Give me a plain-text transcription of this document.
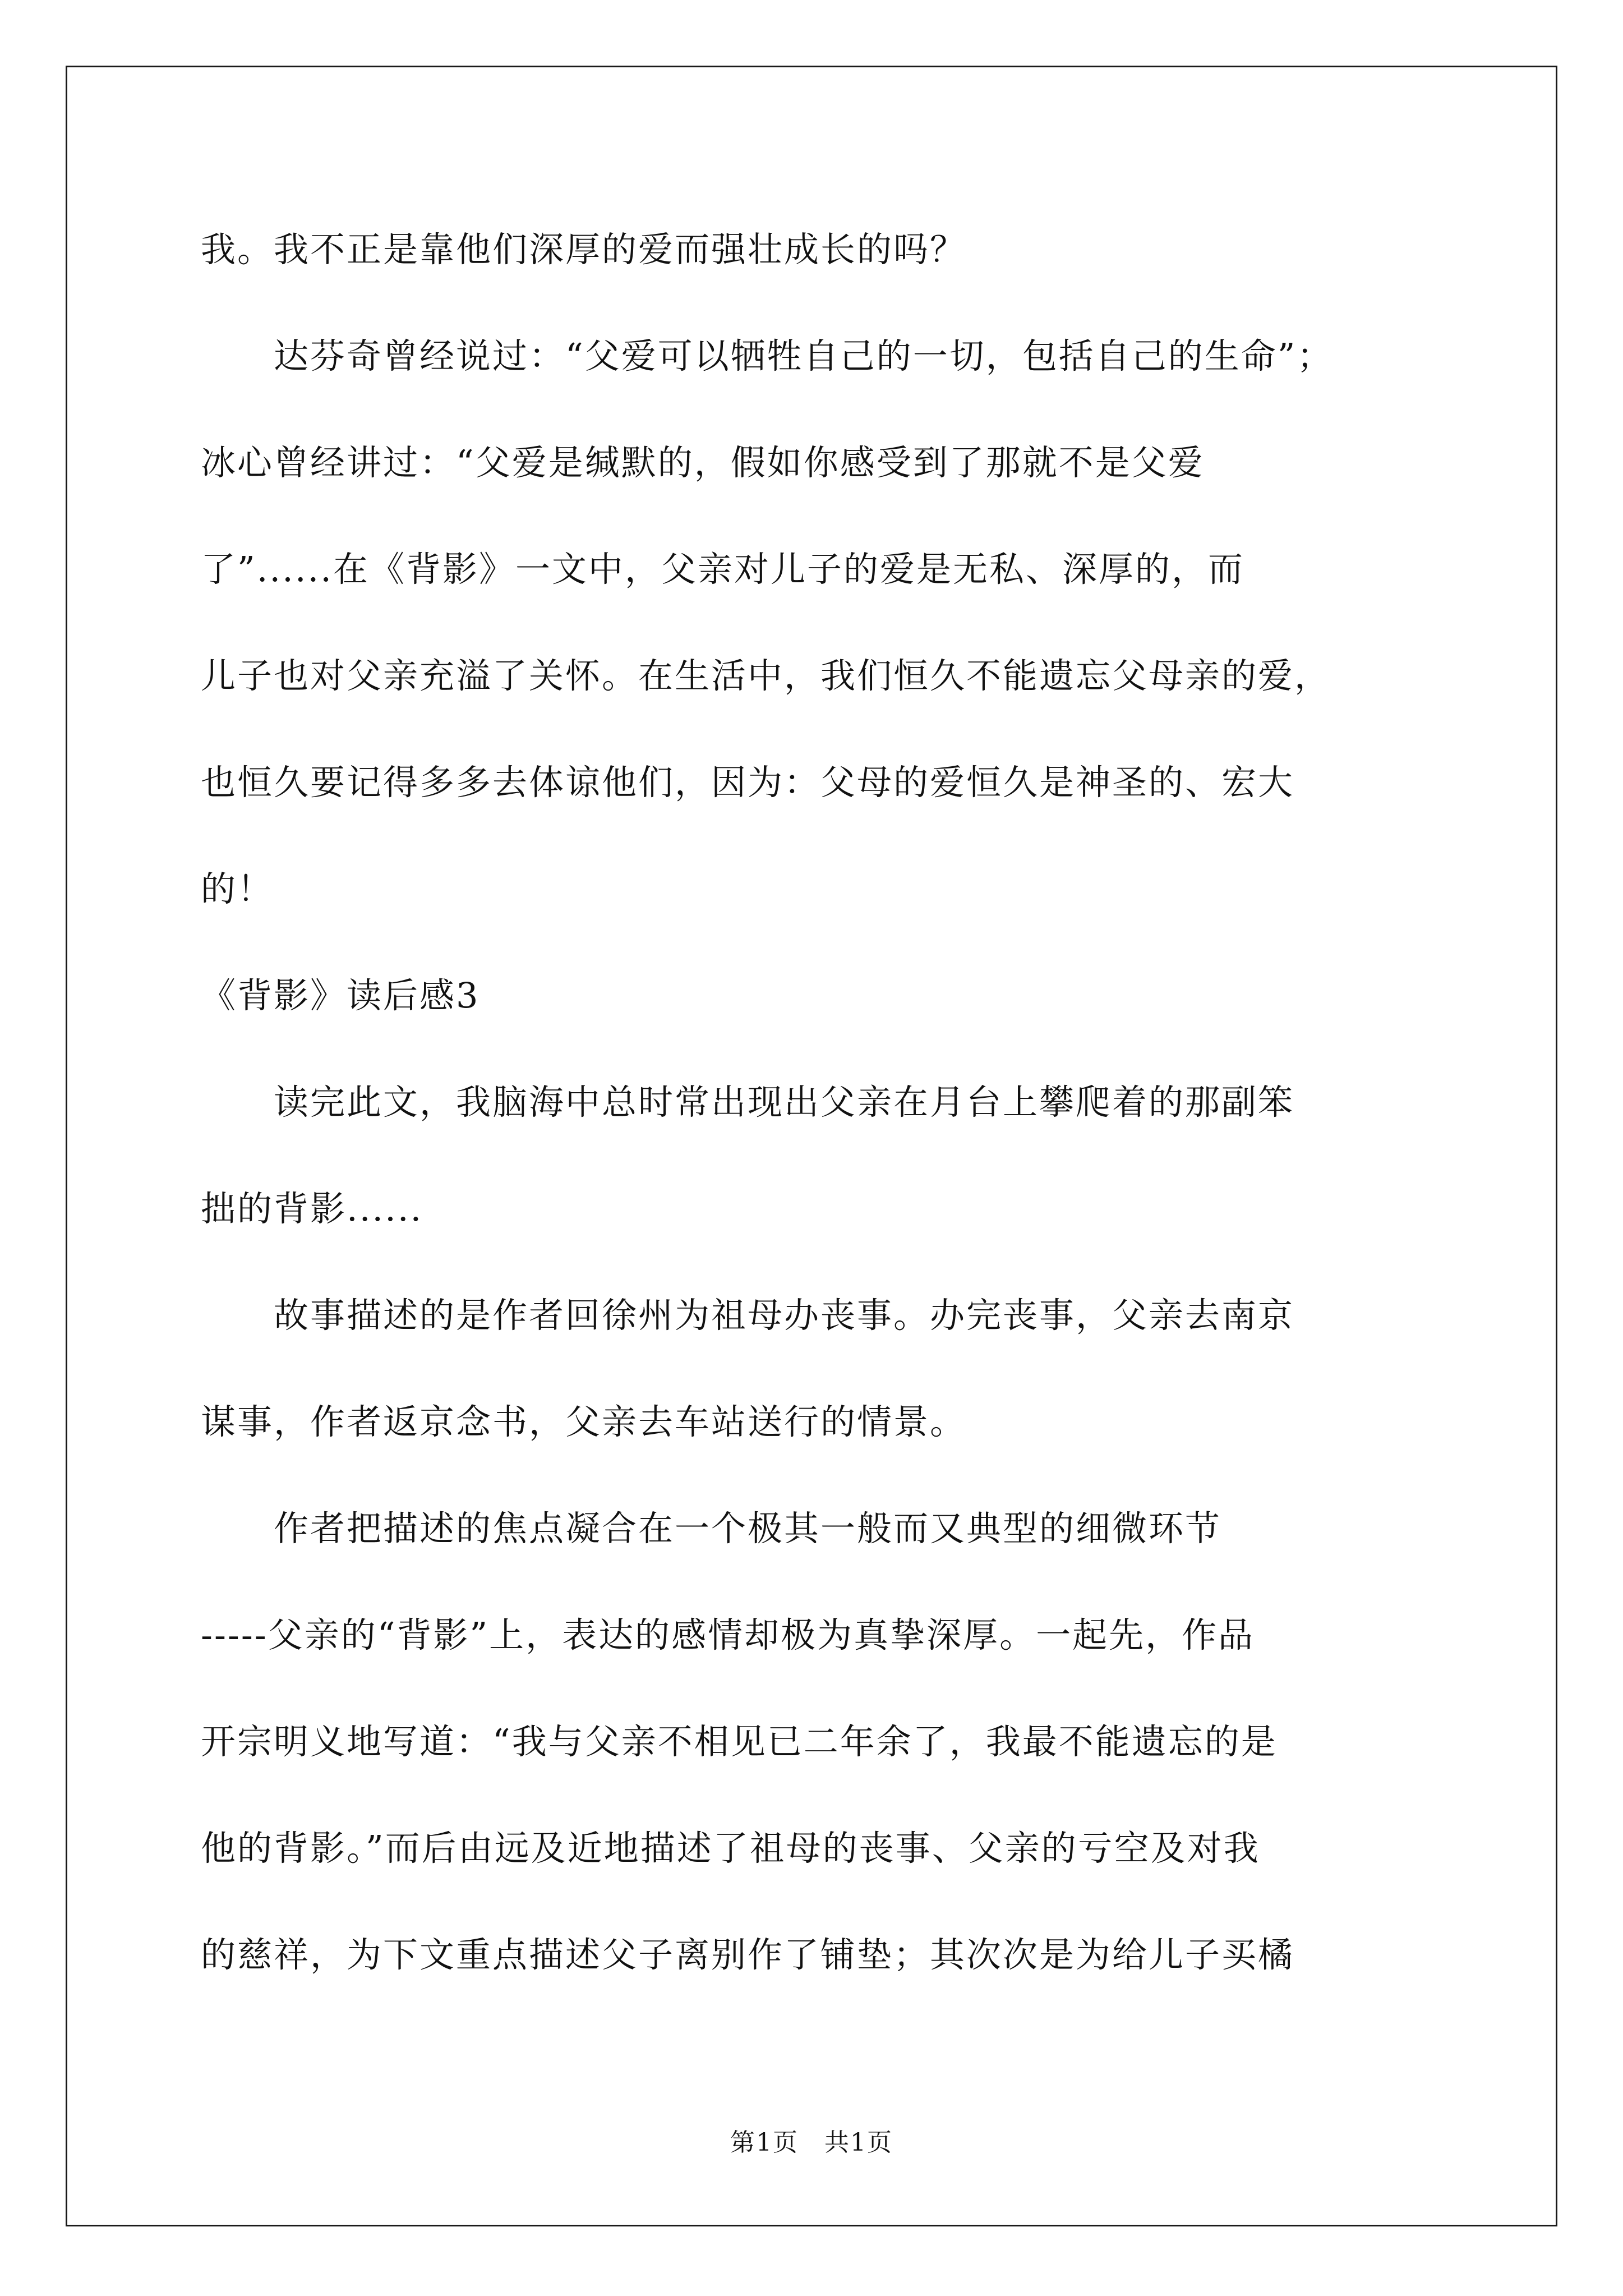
我。我不正是靠他们深厚的爱而强壮成长的吗？
　　达芬奇曾经说过：“父爱可以牺牲自己的一切，包括自己的生命”；
冰心曾经讲过：“父爱是缄默的，假如你感受到了那就不是父爱
了”......在《背影》一文中，父亲对儿子的爱是无私、深厚的，而
儿子也对父亲充溢了关怀。在生活中，我们恒久不能遗忘父母亲的爱，
也恒久要记得多多去体谅他们，因为：父母的爱恒久是神圣的、宏大
的！
《背影》读后感3
　　读完此文，我脑海中总时常出现出父亲在月台上攀爬着的那副笨
拙的背影......
　　故事描述的是作者回徐州为祖母办丧事。办完丧事，父亲去南京
谋事，作者返京念书，父亲去车站送行的情景。
　　作者把描述的焦点凝合在一个极其一般而又典型的细微环节
-----父亲的“背影”上，表达的感情却极为真挚深厚。一起先，作品
开宗明义地写道：“我与父亲不相见已二年余了，我最不能遗忘的是
他的背影。”而后由远及近地描述了祖母的丧事、父亲的亏空及对我
的慈祥，为下文重点描述父子离别作了铺垫；其次次是为给儿子买橘
第1页　共1页
